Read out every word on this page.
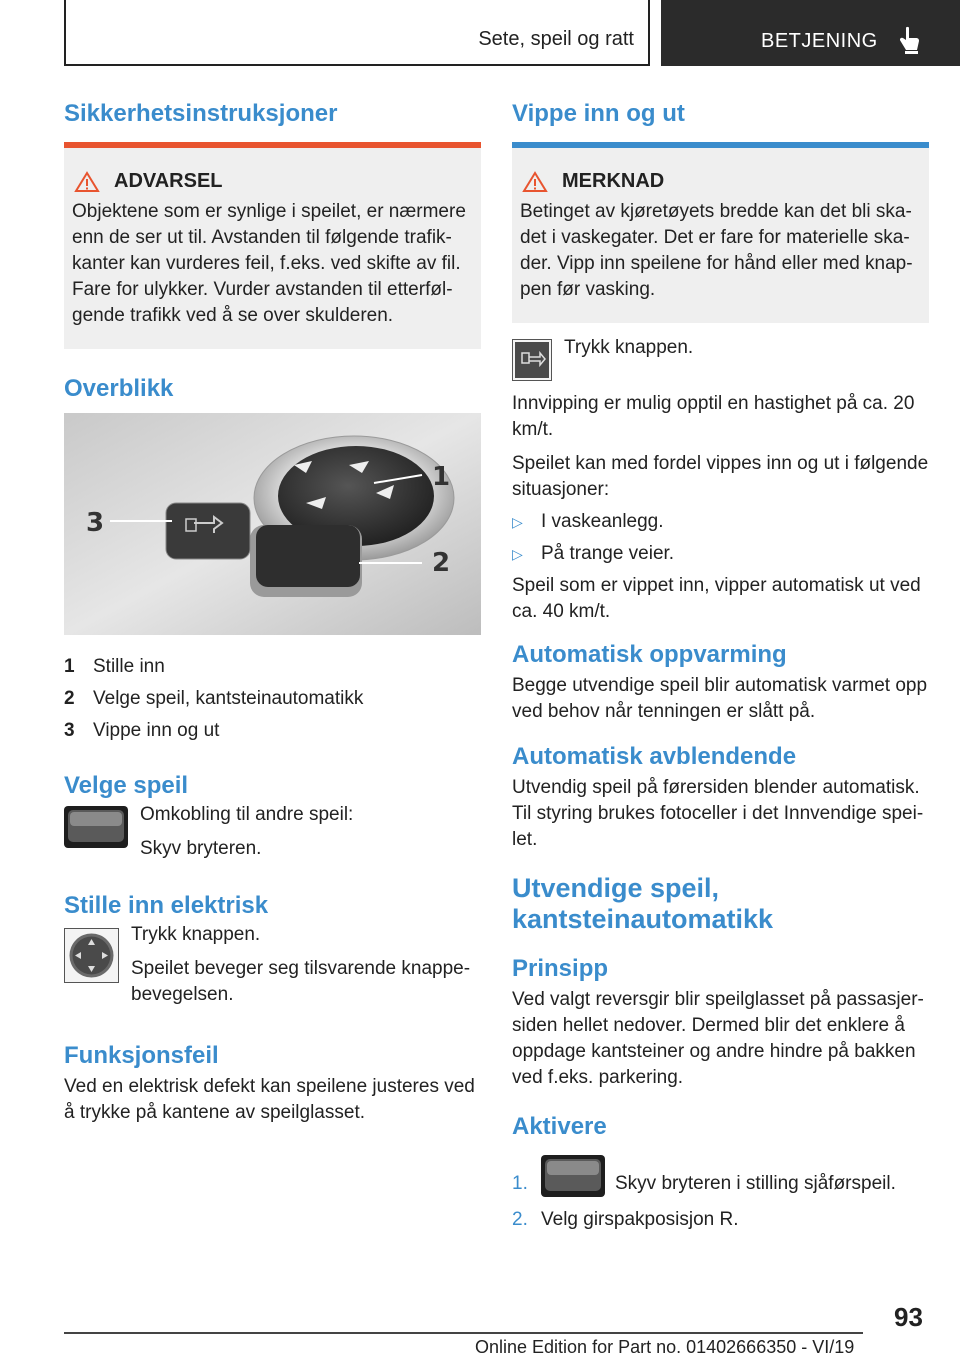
Sete, speil og ratt	BETJENING
Sikkerhetsinstruksjoner
ADVARSEL

Objektene som er synlige i speilet, er nærmere enn de ser ut til. Avstanden til følgende trafikkanter kan vurderes feil, f.eks. ved skifte av fil. Fare for ulykker. Vurder avstanden til etterfølgende trafikk ved å se over skulderen.

Overblikk
1
2
3
1 Stille inn
2 Velge speil, kantsteinautomatikk
3 Vippe inn og ut
Velge speil

Omkobling til andre speil:

Skyv bryteren.

Stille inn elektrisk

Trykk knappen.

Speilet beveger seg tilsvarende knappebevegelsen.

Funksjonsfeil

Ved en elektrisk defekt kan speilene justeres ved å trykke på kantene av speilglasset.

Vippe inn og ut
MERKNAD

Betinget av kjøretøyets bredde kan det bli skadet i vaskegater. Det er fare for materielle skader. Vipp inn speilene for hånd eller med knappen før vasking.

Trykk knappen.

Innvipping er mulig opptil en hastighet på ca. 20 km/t.

Speilet kan med fordel vippes inn og ut i følgende situasjoner:

▷ I vaskeanlegg.
▷ På trange veier.

Speil som er vippet inn, vipper automatisk ut ved ca. 40 km/t.

Automatisk oppvarming

Begge utvendige speil blir automatisk varmet opp ved behov når tenningen er slått på.

Automatisk avblendende

Utvendig speil på førersiden blender automatisk. Til styring brukes fotoceller i det Innvendige speilet.

Utvendige speil, kantsteinautomatikk
Prinsipp

Ved valgt reversgir blir speilglasset på passasjersiden hellet nedover. Dermed blir det enklere å oppdage kantsteiner og andre hindre på bakken ved f.eks. parkering.

Aktivere
1.	Skyv bryteren i stilling sjåførspeil.
2. Velg girspakposisjon R.
93
Online Edition for Part no. 01402666350 - VI/19
